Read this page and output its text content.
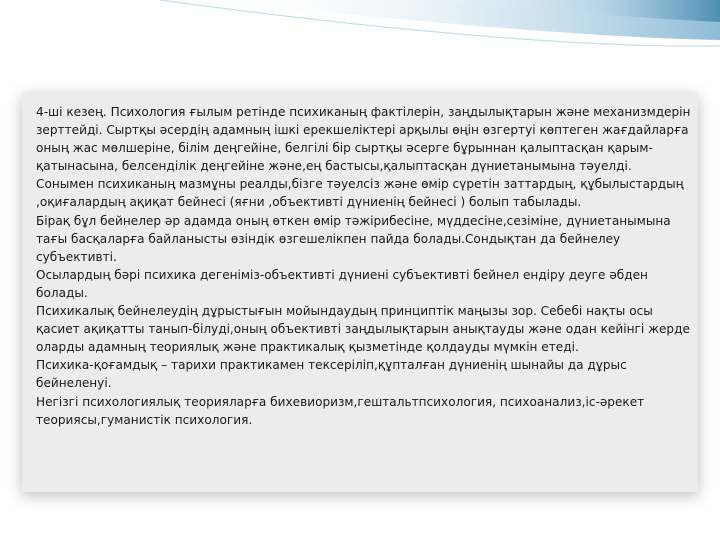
4-ші кезең. Психология ғылым ретінде психиканың фактілерін, заңдылықтарын және механизмдерін зерттейді. Сыртқы әсердің адамның ішкі ерекшеліктері арқылы өңін өзгертуі көптеген жағдайларға оның жас мөлшеріне, білім деңгейіне, белгілі бір сыртқы әсерге бұрыннан қалыптасқан қарым-қатынасына, белсенділік деңгейіне және,ең бастысы,қалыптасқан дүниетанымына тәуелді. Сонымен психиканың мазмұны реалды,бізге тәуелсіз және өмір сүретін заттардың, құбылыстардың ,оқиғалардың ақиқат бейнесі (яғни ,объективті дүниенің бейнесі ) болып табылады.

Бірақ бұл бейнелер әр адамда оның өткен өмір тәжірибесіне, мүддесіне,сезіміне, дүниетанымына тағы басқаларға байланысты өзіндік өзгешелікпен пайда болады.Сондықтан да бейнелеу субъективті.

Осылардың бәрі психика дегеніміз-объективті дүниені субъективті бейнел ендіру деуге әбден болады.

Психикалық бейнелеудің дұрыстығын мойындаудың принциптік маңызы зор. Себебі нақты осы қасиет ақиқатты танып-білуді,оның объективті заңдылықтарын анықтауды және одан кейінгі жерде оларды адамның теориялық және практикалық қызметінде қолдауды мүмкін етеді.

Психика-қоғамдық – тарихи практикамен тексеріліп,құпталған дүниенің шынайы да дұрыс бейнеленуі.

Негізгі психологиялық теорияларға бихевиоризм,гештальтпсихология, психоанализ,іс-әрекет теориясы,гуманистік психология.
